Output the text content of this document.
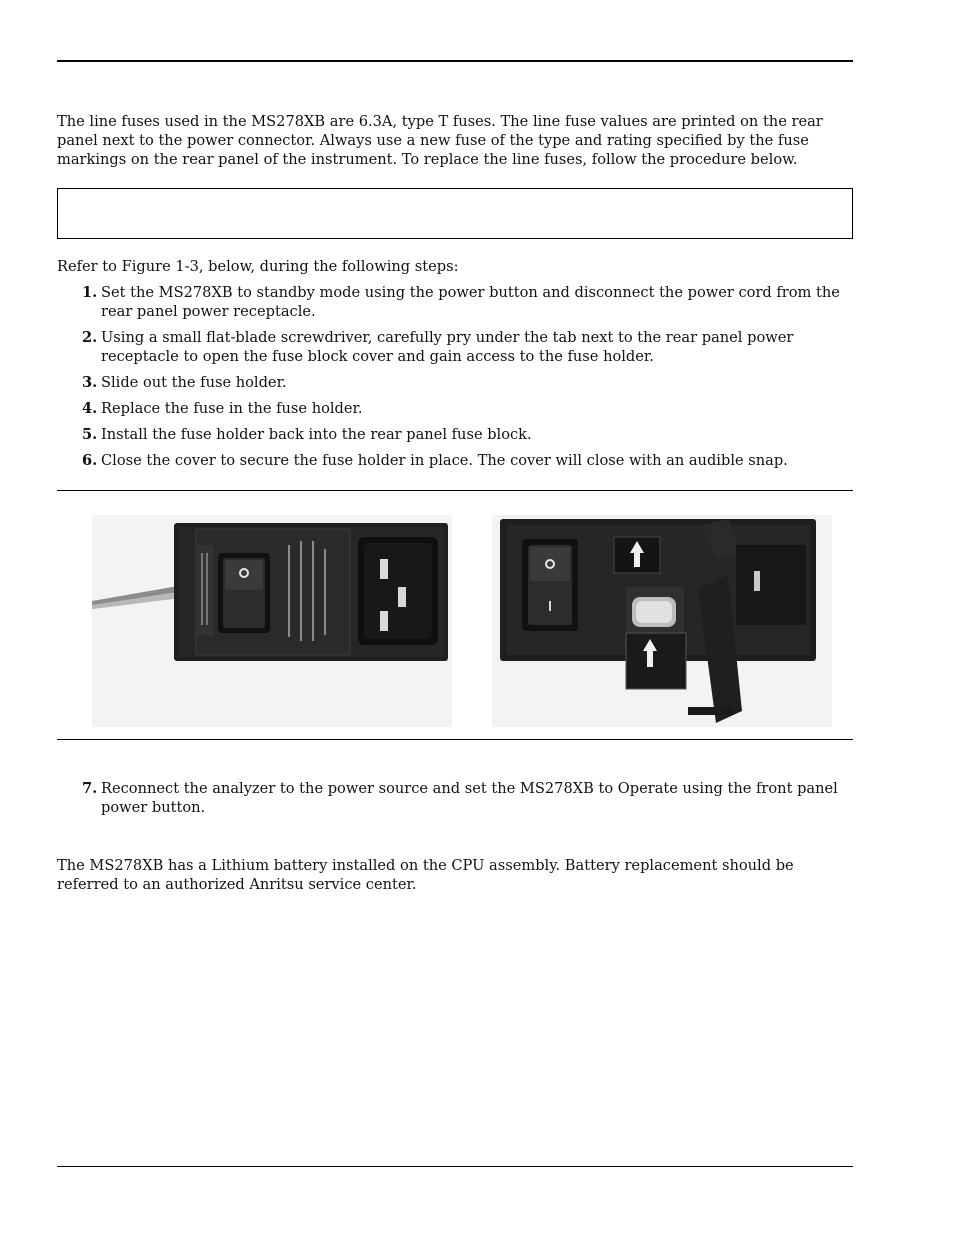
The line fuses used in the MS278XB are 6.3A, type T fuses. The line fuse values are printed on the rear panel next to the power connector. Always use a new fuse of the type and rating specified by the fuse markings on the rear panel of the instrument. To replace the line fuses, follow the procedure below.

Refer to Figure 1-3, below, during the following steps:

1. Set the MS278XB to standby mode using the power button and disconnect the power cord from the rear panel power receptacle.
2. Using a small flat-blade screwdriver, carefully pry under the tab next to the rear panel power receptacle to open the fuse block cover and gain access to the fuse holder.
3. Slide out the fuse holder.
4. Replace the fuse in the fuse holder.
5. Install the fuse holder back into the rear panel fuse block.
6. Close the cover to secure the fuse holder in place. The cover will close with an audible snap.
7. Reconnect the analyzer to the power source and set the MS278XB to Operate using the front panel power button.

The MS278XB has a Lithium battery installed on the CPU assembly. Battery replacement should be referred to an authorized Anritsu service center.
